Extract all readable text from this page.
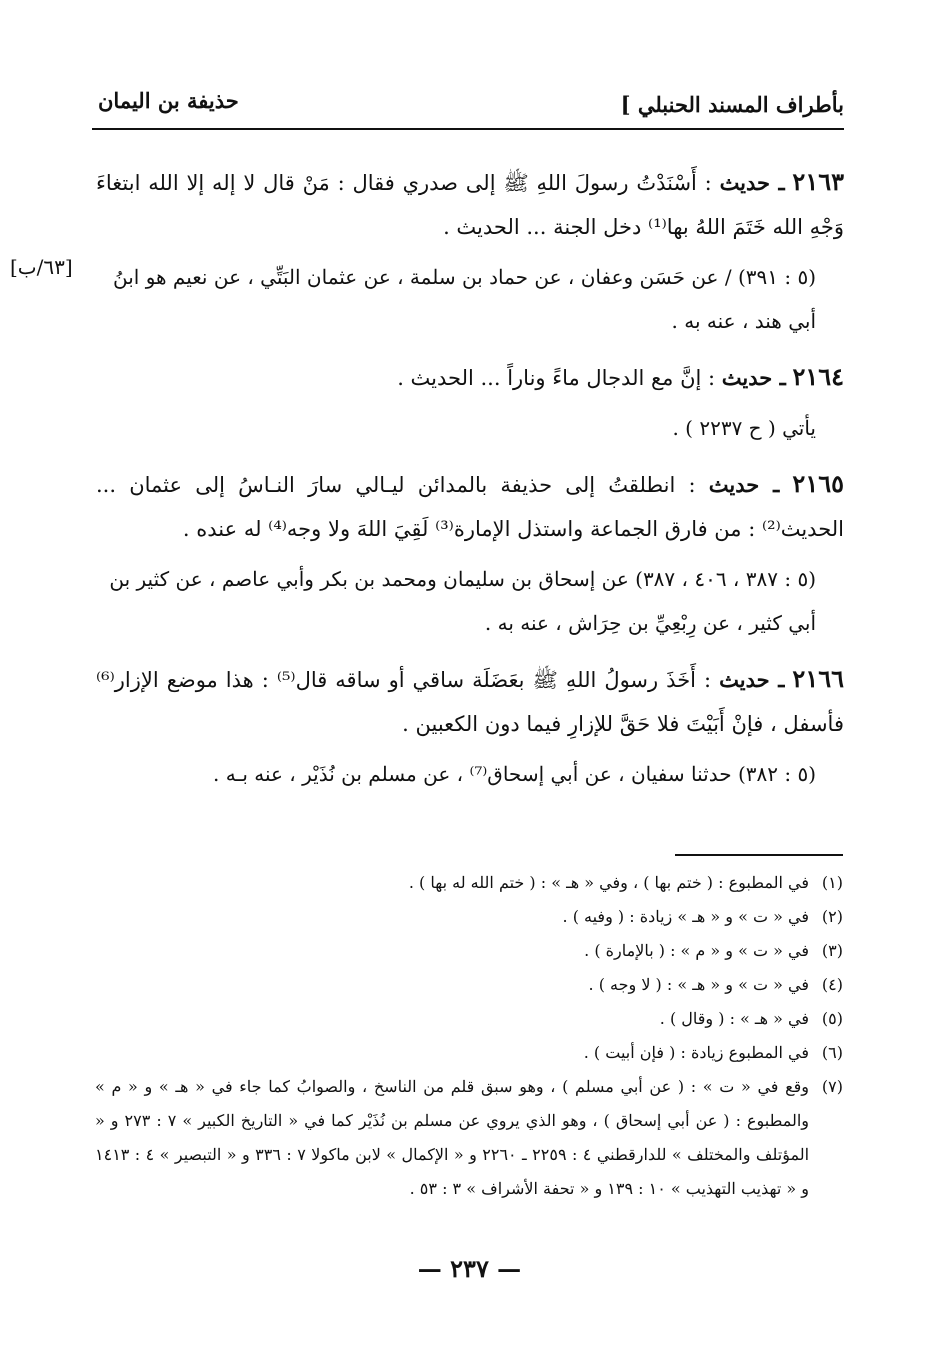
بأطراف المسند الحنبلي ]
حذيفة بن اليمان

٢١٦٣ ـ حديث : أَسْنَدْتُ رسولَ اللهِ ﷺ إلى صدري فقال : مَنْ قال لا إله إلا الله ابتغاءَ وَجْهِ الله خَتَمَ اللهُ بها⁽¹⁾ دخل الجنة ... الحديث .

[٦٣/ب]	(٥ : ٣٩١) / عن حَسَن وعفان ، عن حماد بن سلمة ، عن عثمان البَتِّي ، عن نعيم هو ابنُ أبي هند ، عنه به .

٢١٦٤ ـ حديث : إنَّ مع الدجال ماءً وناراً ... الحديث .

يأتي ( ح ٢٢٣٧ ) .

٢١٦٥ ـ حديث : انطلقتُ إلى حذيفة بالمدائن ليـالي سارَ النـاسُ إلى عثمان ... الحديث⁽²⁾ : من فارق الجماعة واستذل الإمارة⁽³⁾ لَقِيَ اللهَ ولا وجه⁽⁴⁾ له عنده .

(٥ : ٣٨٧ ، ٤٠٦ ، ٣٨٧) عن إسحاق بن سليمان ومحمد بن بكر وأبي عاصم ، عن كثير بن أبي كثير ، عن رِبْعِيِّ بن حِرَاش ، عنه به .

٢١٦٦ ـ حديث : أَخَذَ رسولُ اللهِ ﷺ بعَضَلَة ساقي أو ساقه قال⁽⁵⁾ : هذا موضع الإزار⁽⁶⁾ فأسفل ، فإنْ أَبَيْتَ فلا حَقَّ للإزارِ فيما دون الكعبين .

(٥ : ٣٨٢) حدثنا سفيان ، عن أبي إسحاق⁽⁷⁾ ، عن مسلم بن نُذَيْر ، عنه بـه .

(١)
في المطبوع : ( ختم بها ) ، وفي « هـ » : ( ختم الله له بها ) .

(٢)
في « ت » و « هـ » زيادة : ( وفيه ) .

(٣)
في « ت » و « م » : ( بالإمارة ) .

(٤)
في « ت » و « هـ » : ( لا وجه ) .

(٥)
في « هـ » : ( وقال ) .

(٦)
في المطبوع زيادة : ( فإن أبيت ) .

(٧)
وقع في « ت » : ( عن أبي مسلم ) ، وهو سبق قلم من الناسخ ، والصوابُ كما جاء في « هـ » و « م » والمطبوع : ( عن أبي إسحاق ) ، وهو الذي يروي عن مسلم بن نُذَيْر كما في « التاريخ الكبير » ٧ : ٢٧٣ و « المؤتلف والمختلف » للدارقطني ٤ : ٢٢٥٩ ـ ٢٢٦٠ و « الإكمال » لابن ماكولا ٧ : ٣٣٦ و « التبصير » ٤ : ١٤١٣ و « تهذيب التهذيب » ١٠ : ١٣٩ و « تحفة الأشراف » ٣ : ٥٣ .

— ٢٣٧ —
